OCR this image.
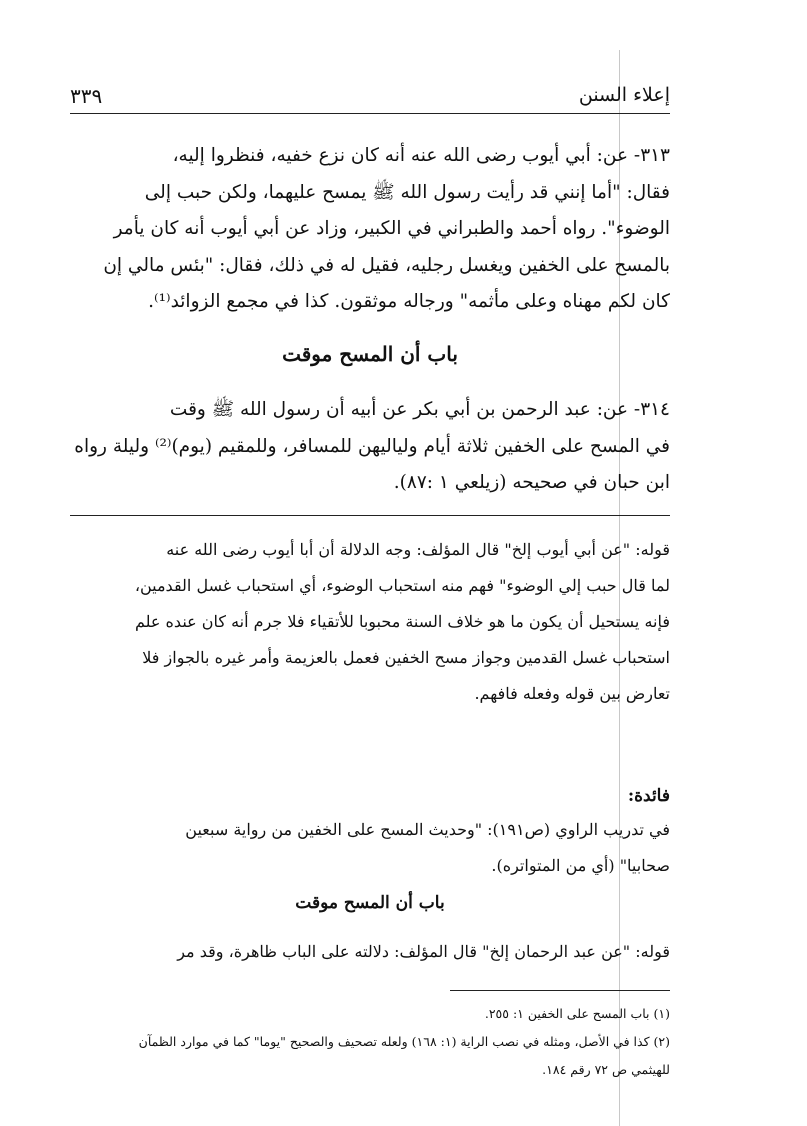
إعلاء السنن
٣٣٩

٣١٣- عن: أبي أيوب رضى الله عنه أنه كان نزع خفيه، فنظروا إليه،

فقال: "أما إنني قد رأيت رسول الله ﷺ يمسح عليهما، ولكن حبب إلى

الوضوء". رواه أحمد والطبراني في الكبير، وزاد عن أبي أيوب أنه كان يأمر

بالمسح على الخفين ويغسل رجليه، فقيل له في ذلك، فقال: "بئس مالي إن

كان لكم مهناه وعلى مأثمه" ورجاله موثقون. كذا في مجمع الزوائد⁽¹⁾.

باب أن المسح موقت

٣١٤- عن: عبد الرحمن بن أبي بكر عن أبيه أن رسول الله ﷺ وقت

في المسح على الخفين ثلاثة أيام ولياليهن للمسافر، وللمقيم (يوم)⁽²⁾ وليلة رواه

ابن حبان في صحيحه (زيلعي ١ :٨٧).

قوله: "عن أبي أيوب إلخ" قال المؤلف: وجه الدلالة أن أبا أيوب رضى الله عنه

لما قال حبب إلي الوضوء" فهم منه استحباب الوضوء، أي استحباب غسل القدمين،

فإنه يستحيل أن يكون ما هو خلاف السنة محبوبا للأتقياء فلا جرم أنه كان عنده علم

استحباب غسل القدمين وجواز مسح الخفين فعمل بالعزيمة وأمر غيره بالجواز فلا

تعارض بين قوله وفعله فافهم.

فائدة:

في تدريب الراوي (ص١٩١): "وحديث المسح على الخفين من رواية سبعين

صحابيا" (أي من المتواتره).

باب أن المسح موقت

قوله: "عن عبد الرحمان إلخ" قال المؤلف: دلالته على الباب ظاهرة، وقد مر

(١) باب المسح على الخفين ١: ٢٥٥.

(٢) كذا في الأصل، ومثله في نصب الراية (١: ١٦٨) ولعله تصحيف والصحيح "يوما" كما في موارد الظمآن

للهيثمي ص ٧٢ رقم ١٨٤.
